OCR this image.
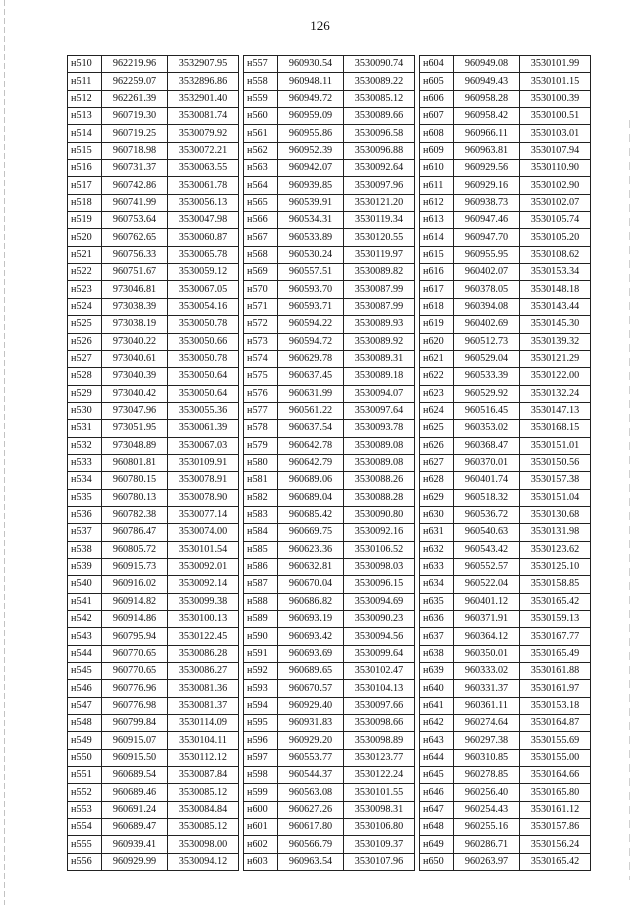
126
н510	962219.96	3532907.95
н511	962259.07	3532896.86
н512	962261.39	3532901.40
н513	960719.30	3530081.74
н514	960719.25	3530079.92
н515	960718.98	3530072.21
н516	960731.37	3530063.55
н517	960742.86	3530061.78
н518	960741.99	3530056.13
н519	960753.64	3530047.98
н520	960762.65	3530060.87
н521	960756.33	3530065.78
н522	960751.67	3530059.12
н523	973046.81	3530067.05
н524	973038.39	3530054.16
н525	973038.19	3530050.78
н526	973040.22	3530050.66
н527	973040.61	3530050.78
н528	973040.39	3530050.64
н529	973040.42	3530050.64
н530	973047.96	3530055.36
н531	973051.95	3530061.39
н532	973048.89	3530067.03
н533	960801.81	3530109.91
н534	960780.15	3530078.91
н535	960780.13	3530078.90
н536	960782.38	3530077.14
н537	960786.47	3530074.00
н538	960805.72	3530101.54
н539	960915.73	3530092.01
н540	960916.02	3530092.14
н541	960914.82	3530099.38
н542	960914.86	3530100.13
н543	960795.94	3530122.45
н544	960770.65	3530086.28
н545	960770.65	3530086.27
н546	960776.96	3530081.36
н547	960776.98	3530081.37
н548	960799.84	3530114.09
н549	960915.07	3530104.11
н550	960915.50	3530112.12
н551	960689.54	3530087.84
н552	960689.46	3530085.12
н553	960691.24	3530084.84
н554	960689.47	3530085.12
н555	960939.41	3530098.00
н556	960929.99	3530094.12
н557	960930.54	3530090.74
н558	960948.11	3530089.22
н559	960949.72	3530085.12
н560	960959.09	3530089.66
н561	960955.86	3530096.58
н562	960952.39	3530096.88
н563	960942.07	3530092.64
н564	960939.85	3530097.96
н565	960539.91	3530121.20
н566	960534.31	3530119.34
н567	960533.89	3530120.55
н568	960530.24	3530119.97
н569	960557.51	3530089.82
н570	960593.70	3530087.99
н571	960593.71	3530087.99
н572	960594.22	3530089.93
н573	960594.72	3530089.92
н574	960629.78	3530089.31
н575	960637.45	3530089.18
н576	960631.99	3530094.07
н577	960561.22	3530097.64
н578	960637.54	3530093.78
н579	960642.78	3530089.08
н580	960642.79	3530089.08
н581	960689.06	3530088.26
н582	960689.04	3530088.28
н583	960685.42	3530090.80
н584	960669.75	3530092.16
н585	960623.36	3530106.52
н586	960632.81	3530098.03
н587	960670.04	3530096.15
н588	960686.82	3530094.69
н589	960693.19	3530090.23
н590	960693.42	3530094.56
н591	960693.69	3530099.64
н592	960689.65	3530102.47
н593	960670.57	3530104.13
н594	960929.40	3530097.66
н595	960931.83	3530098.66
н596	960929.20	3530098.89
н597	960553.77	3530123.77
н598	960544.37	3530122.24
н599	960563.08	3530101.55
н600	960627.26	3530098.31
н601	960617.80	3530106.80
н602	960566.79	3530109.37
н603	960963.54	3530107.96
н604	960949.08	3530101.99
н605	960949.43	3530101.15
н606	960958.28	3530100.39
н607	960958.42	3530100.51
н608	960966.11	3530103.01
н609	960963.81	3530107.94
н610	960929.56	3530110.90
н611	960929.16	3530102.90
н612	960938.73	3530102.07
н613	960947.46	3530105.74
н614	960947.70	3530105.20
н615	960955.95	3530108.62
н616	960402.07	3530153.34
н617	960378.05	3530148.18
н618	960394.08	3530143.44
н619	960402.69	3530145.30
н620	960512.73	3530139.32
н621	960529.04	3530121.29
н622	960533.39	3530122.00
н623	960529.92	3530132.24
н624	960516.45	3530147.13
н625	960353.02	3530168.15
н626	960368.47	3530151.01
н627	960370.01	3530150.56
н628	960401.74	3530157.38
н629	960518.32	3530151.04
н630	960536.72	3530130.68
н631	960540.63	3530131.98
н632	960543.42	3530123.62
н633	960552.57	3530125.10
н634	960522.04	3530158.85
н635	960401.12	3530165.42
н636	960371.91	3530159.13
н637	960364.12	3530167.77
н638	960350.01	3530165.49
н639	960333.02	3530161.88
н640	960331.37	3530161.97
н641	960361.11	3530153.18
н642	960274.64	3530164.87
н643	960297.38	3530155.69
н644	960310.85	3530155.00
н645	960278.85	3530164.66
н646	960256.40	3530165.80
н647	960254.43	3530161.12
н648	960255.16	3530157.86
н649	960286.71	3530156.24
н650	960263.97	3530165.42
